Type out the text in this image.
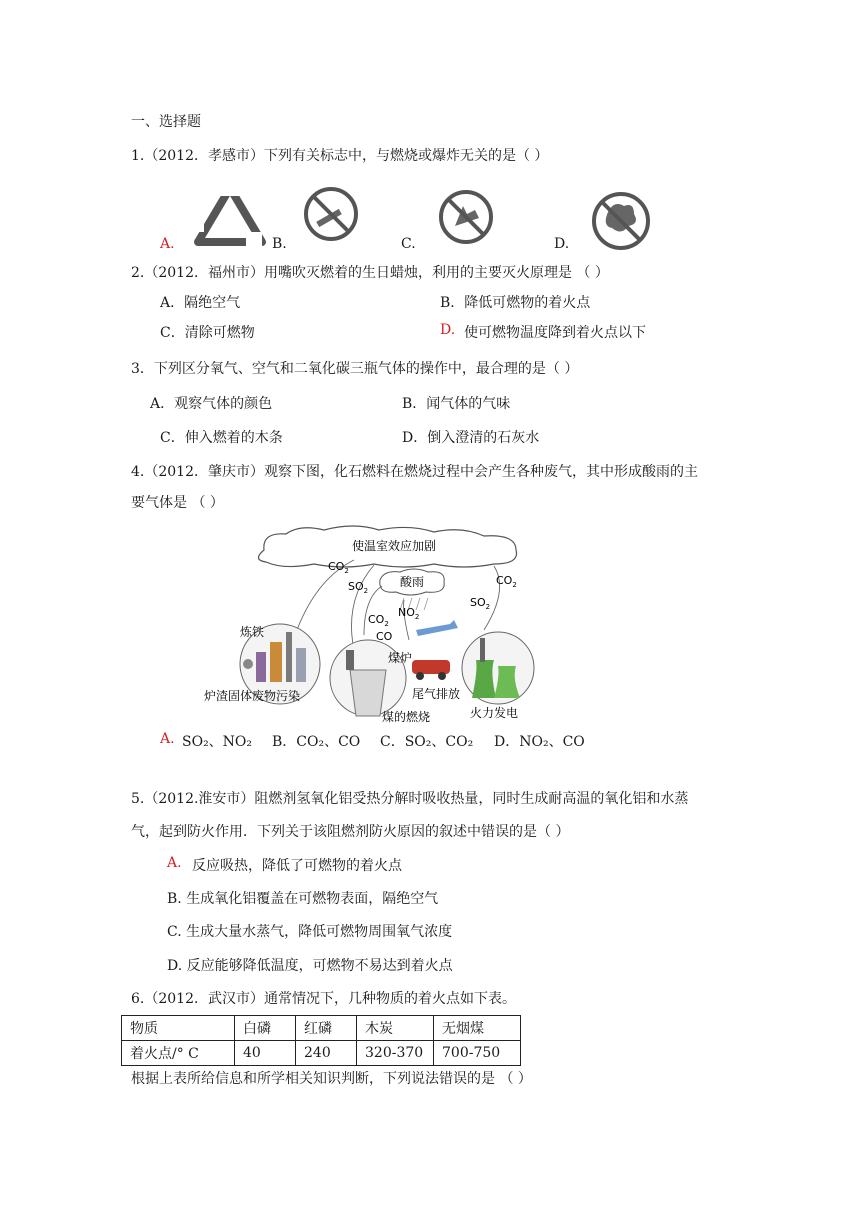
一、选择题
1.（2012．孝感市）下列有关标志中，与燃烧或爆炸无关的是（ ）
A.	B.	C.	D.
2.（2012．福州市）用嘴吹灭燃着的生日蜡烛，利用的主要灭火原理是 （ ）
A．隔绝空气	B．降低可燃物的着火点
C．清除可燃物	D. 使可燃物温度降到着火点以下
3．下列区分氧气、空气和二氧化碳三瓶气体的操作中，最合理的是（ ）
A．观察气体的颜色	B．闻气体的气味
C．伸入燃着的木条	D．倒入澄清的石灰水
4.（2012．肇庆市）观察下图，化石燃料在燃烧过程中会产生各种废气，其中形成酸雨的主
要气体是 （ ）
使温室效应加剧
酸雨
$CO_2$
$SO_2$
$NO_2$
$CO_2$
CO
$CO_2$
$SO_2$
炼铁
炉渣固体废物污染
煤炉
煤的燃烧
尾气排放
火力发电
A. SO₂、NO₂ B．CO₂、CO C．SO₂、CO₂ D．NO₂、CO
5.（2012.淮安市）阻燃剂氢氧化铝受热分解时吸收热量，同时生成耐高温的氧化铝和水蒸
气，起到防火作用．下列关于该阻燃剂防火原因的叙述中错误的是（ ）
A. 反应吸热，降低了可燃物的着火点
B. 生成氧化铝覆盖在可燃物表面，隔绝空气
C. 生成大量水蒸气，降低可燃物周围氧气浓度
D. 反应能够降低温度，可燃物不易达到着火点
6.（2012．武汉市）通常情况下，几种物质的着火点如下表。
物质	白磷	红磷	木炭	无烟煤
着火点/° C	40	240	320-370	700-750
根据上表所给信息和所学相关知识判断，下列说法错误的是 （ ）
